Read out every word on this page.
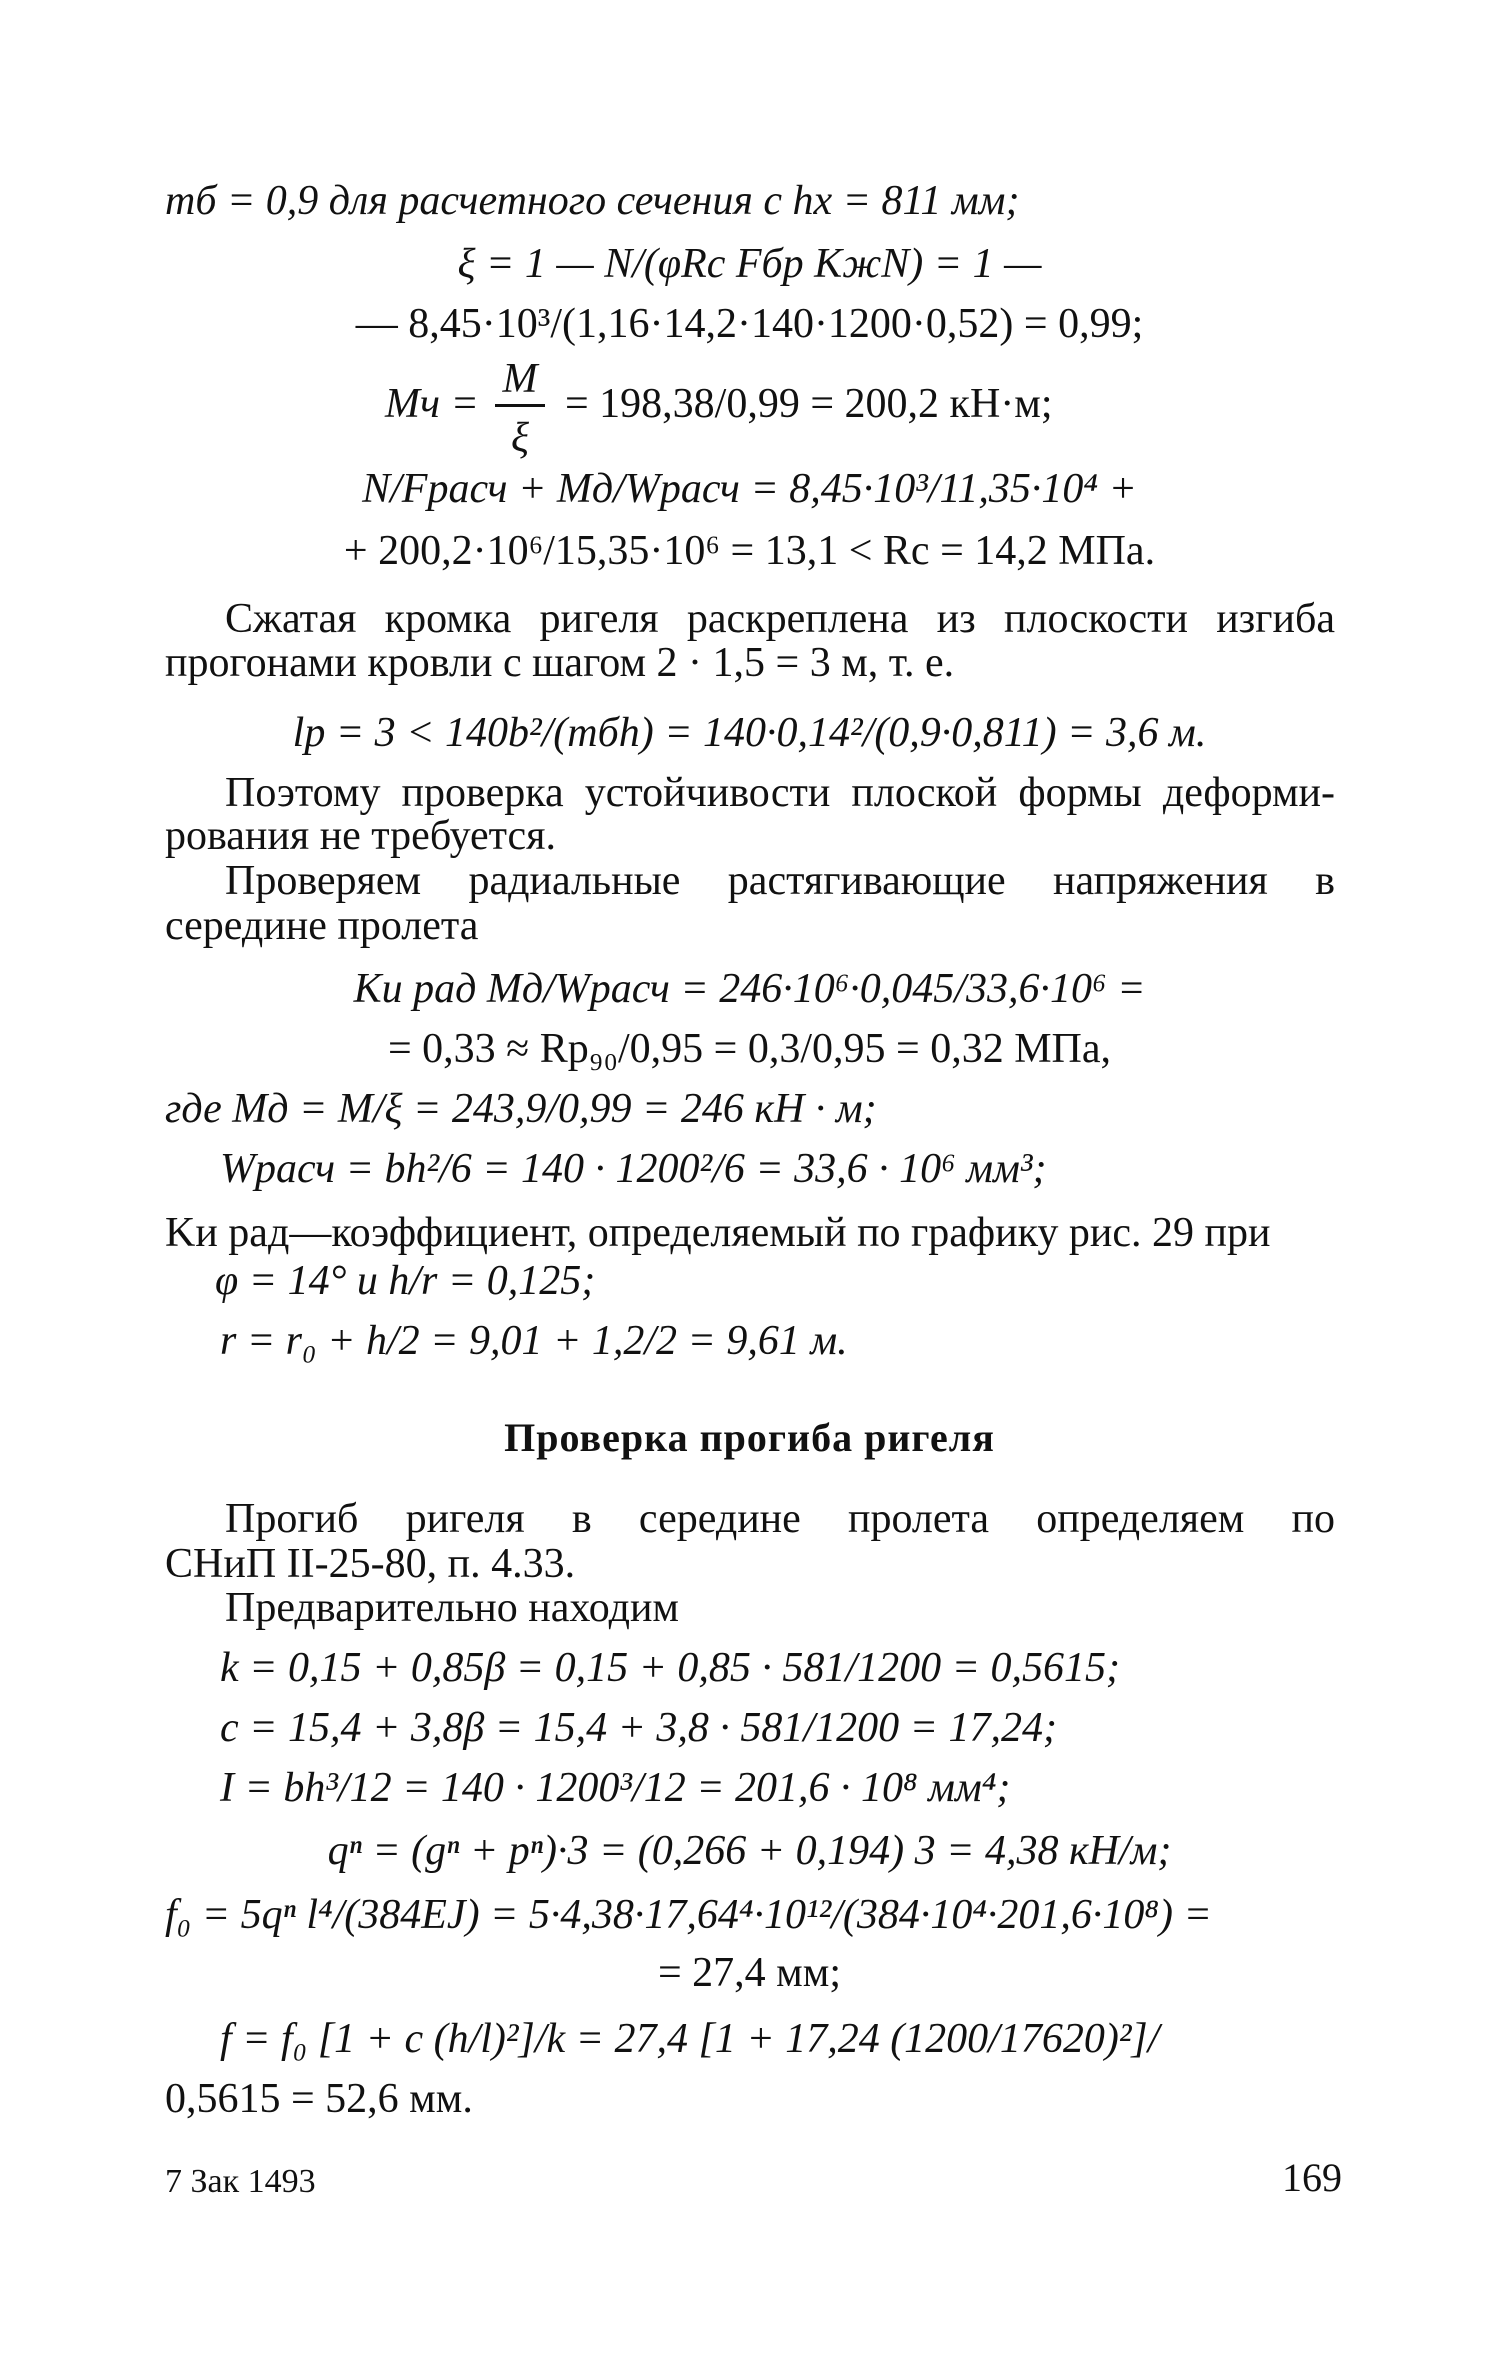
mб = 0,9 для расчетного сечения с hх = 811 мм;
ξ = 1 — N/(φRс Fбр KжN) = 1 —
— 8,45·10³/(1,16·14,2·140·1200·0,52) = 0,99;
Mч =
M
ξ
= 198,38/0,99 = 200,2 кН·м;
N/Fрасч + Mд/Wрасч = 8,45·10³/11,35·10⁴ +
+ 200,2·10⁶/15,35·10⁶ = 13,1 < Rс = 14,2 МПа.
Сжатая кромка ригеля раскреплена из плоскости изгиба
прогонами кровли с шагом 2 · 1,5 = 3 м, т. е.
lр = 3 < 140b²/(mбh) = 140·0,14²/(0,9·0,811) = 3,6 м.
Поэтому проверка устойчивости плоской формы деформи-
рования не требуется.
Проверяем радиальные растягивающие напряжения в
середине пролета
Kи рад Mд/Wрасч = 246·10⁶·0,045/33,6·10⁶ =
= 0,33 ≈ Rр₉₀/0,95 = 0,3/0,95 = 0,32 МПа,
где Mд = M/ξ = 243,9/0,99 = 246 кН · м;
Wрасч = bh²/6 = 140 · 1200²/6 = 33,6 · 10⁶ мм³;
Kи рад—коэффициент, определяемый по графику рис. 29 при
φ = 14° и h/r = 0,125;
r = r₀ + h/2 = 9,01 + 1,2/2 = 9,61 м.
Проверка прогиба ригеля
Прогиб ригеля в середине пролета определяем по
СНиП II-25-80, п. 4.33.
Предварительно находим
k = 0,15 + 0,85β = 0,15 + 0,85 · 581/1200 = 0,5615;
c = 15,4 + 3,8β = 15,4 + 3,8 · 581/1200 = 17,24;
I = bh³/12 = 140 · 1200³/12 = 201,6 · 10⁸ мм⁴;
qⁿ = (gⁿ + pⁿ)·3 = (0,266 + 0,194) 3 = 4,38 кН/м;
f₀ = 5qⁿ l⁴/(384EJ) = 5·4,38·17,64⁴·10¹²/(384·10⁴·201,6·10⁸) =
= 27,4 мм;
f = f₀ [1 + c (h/l)²]/k = 27,4 [1 + 17,24 (1200/17620)²]/
0,5615 = 52,6 мм.
7 Зак 1493	169
